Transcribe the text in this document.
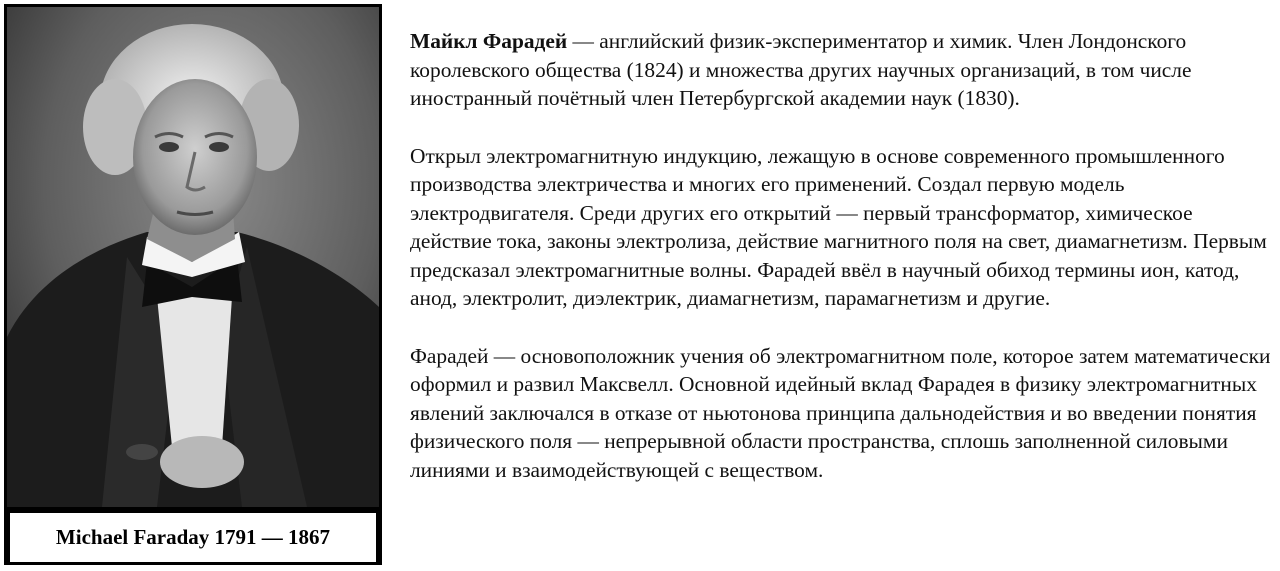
Michael Faraday 1791 — 1867

Майкл Фарадей — английский физик-экспериментатор и химик. Член Лондонского королевского общества (1824) и множества других научных организаций, в том числе иностранный почётный член Петербургской академии наук (1830).

Открыл электромагнитную индукцию, лежащую в основе современного промышленного производства электричества и многих его применений. Создал первую модель электродвигателя. Среди других его открытий — первый трансформатор, химическое действие тока, законы электролиза, действие магнитного поля на свет, диамагнетизм. Первым предсказал электромагнитные волны. Фарадей ввёл в научный обиход термины ион, катод, анод, электролит, диэлектрик, диамагнетизм, парамагнетизм и другие.

Фарадей — основоположник учения об электромагнитном поле, которое затем математически оформил и развил Максвелл. Основной идейный вклад Фарадея в физику электромагнитных явлений заключался в отказе от ньютонова принципа дальнодействия и во введении понятия физического поля — непрерывной области пространства, сплошь заполненной силовыми линиями и взаимодействующей с веществом.
